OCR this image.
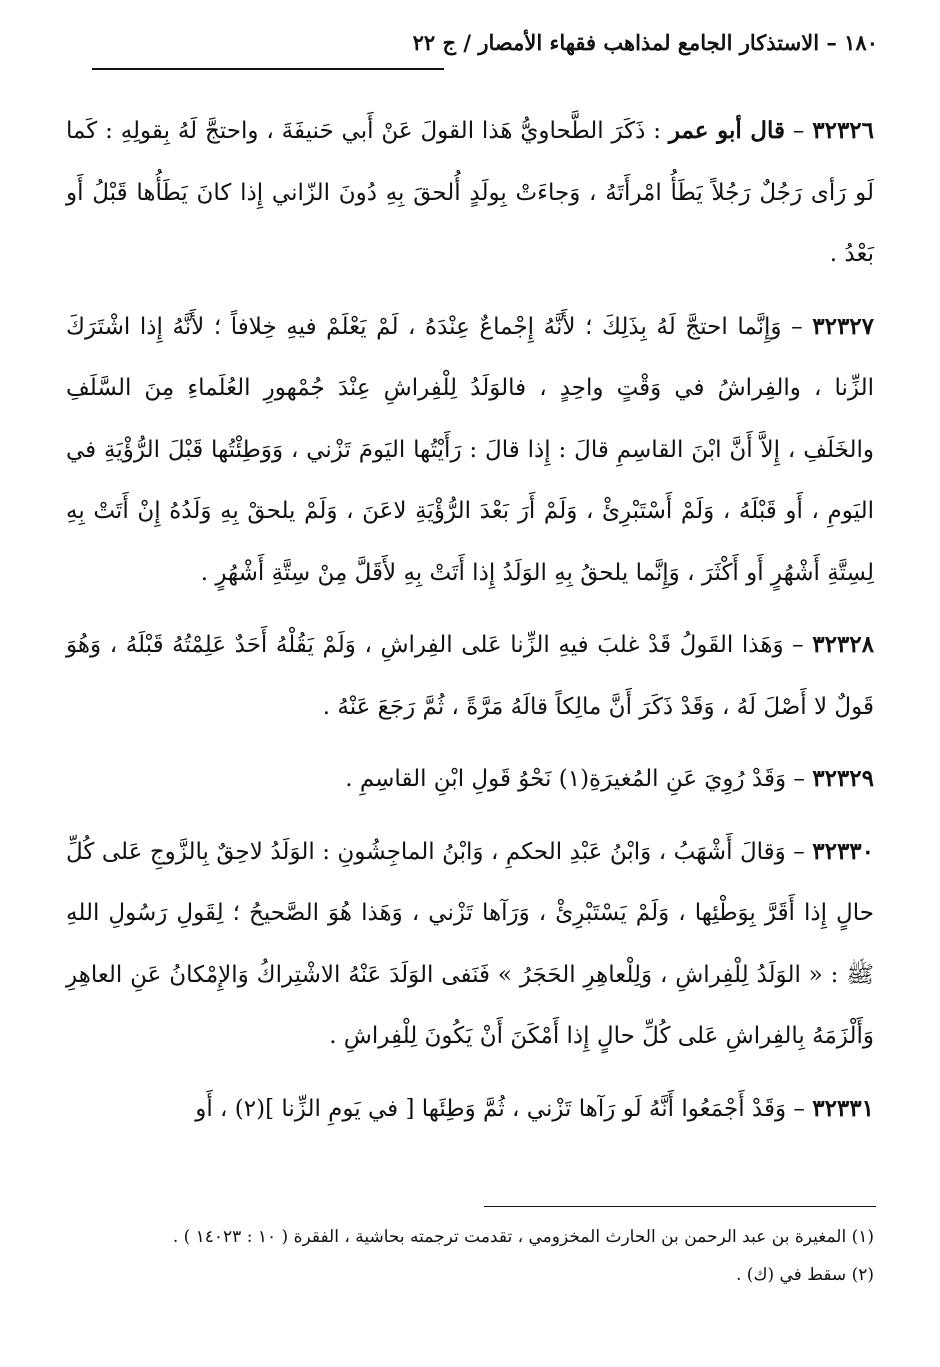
١٨٠ – الاستذكار الجامع لمذاهب فقهاء الأمصار / ج ٢٢

٣٢٣٢٦ – قال أبو عمر : ذَكَرَ الطَّحاويُّ هَذا القولَ عَنْ أَبي حَنيفَةَ ، واحتجَّ لَهُ بِقولِهِ : كَما لَو رَأى رَجُلٌ رَجُلاً يَطَأُ امْرأَتَهُ ، وَجاءَتْ بِولَدٍ أُلحقَ بِهِ دُونَ الزّاني إِذا كانَ يَطَأُها قَبْلُ أَو بَعْدُ .

٣٢٣٢٧ – وَإِنَّما احتجَّ لَهُ بِذَلِكَ ؛ لأَنَّهُ إِجْماعٌ عِنْدَهُ ، لَمْ يَعْلَمْ فيهِ خِلافاً ؛ لأَنَّهُ إِذا اشْتَرَكَ الزِّنا ، والفِراشُ في وَقْتٍ واحِدٍ ، فالوَلَدُ لِلْفِراشِ عِنْدَ جُمْهورِ العُلَماءِ مِنَ السَّلَفِ والخَلَفِ ، إِلاَّ أَنَّ ابْنَ القاسِمِ قالَ : إِذا قالَ : رَأَيْتُها اليَومَ تَزْني ، وَوَطِئْتُها قَبْلَ الرُّؤْيَةِ في اليَومِ ، أَو قَبْلَهُ ، وَلَمْ أَسْتَبْرِئْ ، وَلَمْ أَرَ بَعْدَ الرُّؤْيَةِ لاعَنَ ، وَلَمْ يلحقْ بِهِ وَلَدُهُ إِنْ أَتَتْ بِهِ لِسِتَّةِ أَشْهُرٍ أَو أَكْثَرَ ، وَإِنَّما يلحقُ بِهِ الوَلَدُ إِذا أَتَتْ بِهِ لأَقَلَّ مِنْ سِتَّةِ أَشْهُرٍ .

٣٢٣٢٨ – وَهَذا القَولُ قَدْ غلبَ فيهِ الزِّنا عَلى الفِراشِ ، وَلَمْ يَقُلْهُ أَحَدٌ عَلِمْتُهُ قَبْلَهُ ، وَهُوَ قَولٌ لا أَصْلَ لَهُ ، وَقَدْ ذَكَرَ أَنَّ مالِكاً قالَهُ مَرَّةً ، ثُمَّ رَجَعَ عَنْهُ .

٣٢٣٢٩ – وَقَدْ رُوِيَ عَنِ المُغيرَةِ(١) نَحْوُ قَولِ ابْنِ القاسِمِ .

٣٢٣٣٠ – وَقالَ أَشْهَبُ ، وَابْنُ عَبْدِ الحكمِ ، وَابْنُ الماجِشُونِ : الوَلَدُ لاحِقٌ بِالزَّوجِ عَلى كُلِّ حالٍ إِذا أَقَرَّ بِوَطْئِها ، وَلَمْ يَسْتَبْرِئْ ، وَرَآها تَزْني ، وَهَذا هُوَ الصَّحيحُ ؛ لِقَولِ رَسُولِ اللهِ ﷺ : « الوَلَدُ لِلْفِراشِ ، وَلِلْعاهِرِ الحَجَرُ » فَنَفى الوَلَدَ عَنْهُ الاشْتِراكُ وَالإِمْكانُ عَنِ العاهِرِ وَأَلْزَمَهُ بِالفِراشِ عَلى كُلِّ حالٍ إِذا أَمْكَنَ أَنْ يَكُونَ لِلْفِراشِ .

٣٢٣٣١ – وَقَدْ أَجْمَعُوا أَنَّهُ لَو رَآها تَزْني ، ثُمَّ وَطِئَها [ في يَومِ الزِّنا ](٢) ، أَو

(١) المغيرة بن عبد الرحمن بن الحارث المخزومي ، تقدمت ترجمته بحاشية ، الفقرة ( ١٠ : ١٤٠٢٣ ) .

(٢) سقط في (ك) .
